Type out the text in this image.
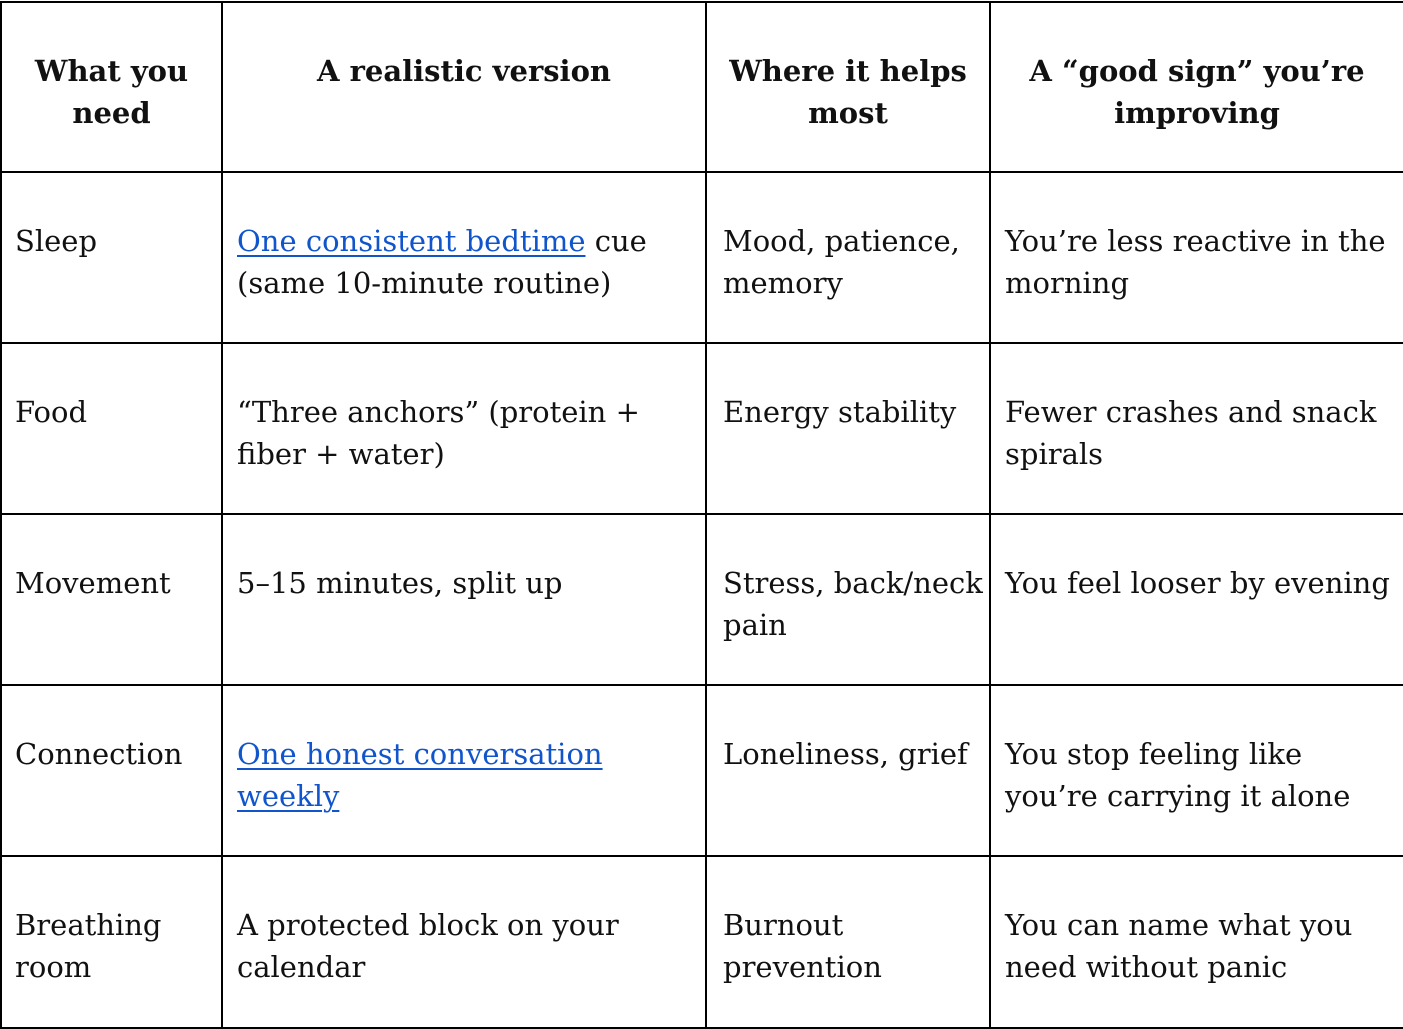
What you need	A realistic version	Where it helps most	A “good sign” you’re improving

Sleep	One consistent bedtime cue (same 10-minute routine)	Mood, patience, memory	You’re less reactive in the morning

Food	“Three anchors” (protein + fiber + water)	Energy stability	Fewer crashes and snack spirals

Movement	5–15 minutes, split up	Stress, back/neck pain	You feel looser by evening

Connection	One honest conversation weekly	Loneliness, grief	You stop feeling like you’re carrying it alone

Breathing room	A protected block on your calendar	Burnout prevention	You can name what you need without panic
